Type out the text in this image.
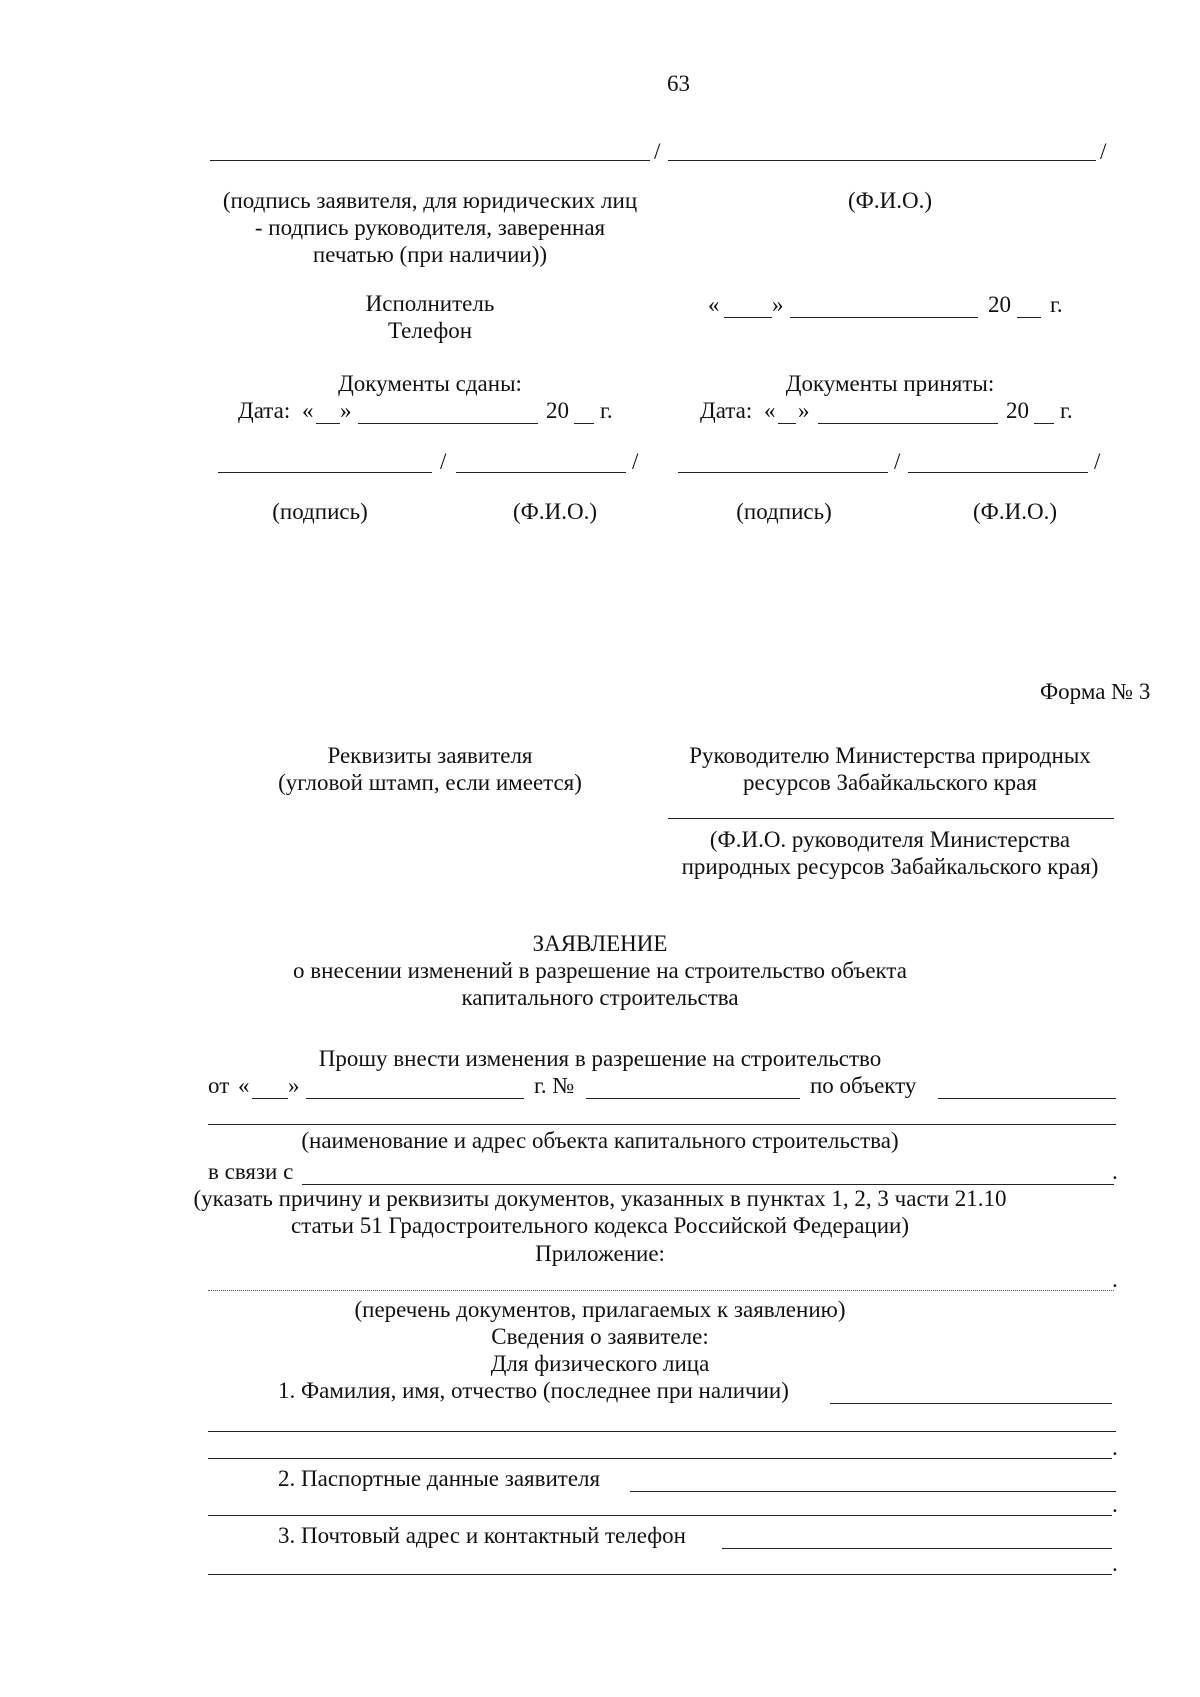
63
/	/
(подпись заявителя, для юридических лиц
- подпись руководителя, заверенная
печатью (при наличии))
(Ф.И.О.)
Исполнитель
Телефон
« »	20 г.
Документы сданы:
Дата: « »	20 г.
Документы приняты:
Дата: « »	20 г.
/	/	/	/
(подпись)	(Ф.И.О.)	(подпись)	(Ф.И.О.)
Форма № 3
Реквизиты заявителя
(угловой штамп, если имеется)
Руководителю Министерства природных
ресурсов Забайкальского края
(Ф.И.О. руководителя Министерства
природных ресурсов Забайкальского края)
ЗАЯВЛЕНИЕ
о внесении изменений в разрешение на строительство объекта
капитального строительства
Прошу внести изменения в разрешение на строительство
от « »	г. №	по объекту
(наименование и адрес объекта капитального строительства)
в связи с	.
(указать причину и реквизиты документов, указанных в пунктах 1, 2, 3 части 21.10
статьи 51 Градостроительного кодекса Российской Федерации)
Приложение:
.
(перечень документов, прилагаемых к заявлению)
Сведения о заявителе:
Для физического лица
1. Фамилия, имя, отчество (последнее при наличии)
.
2. Паспортные данные заявителя
.
3. Почтовый адрес и контактный телефон
.
